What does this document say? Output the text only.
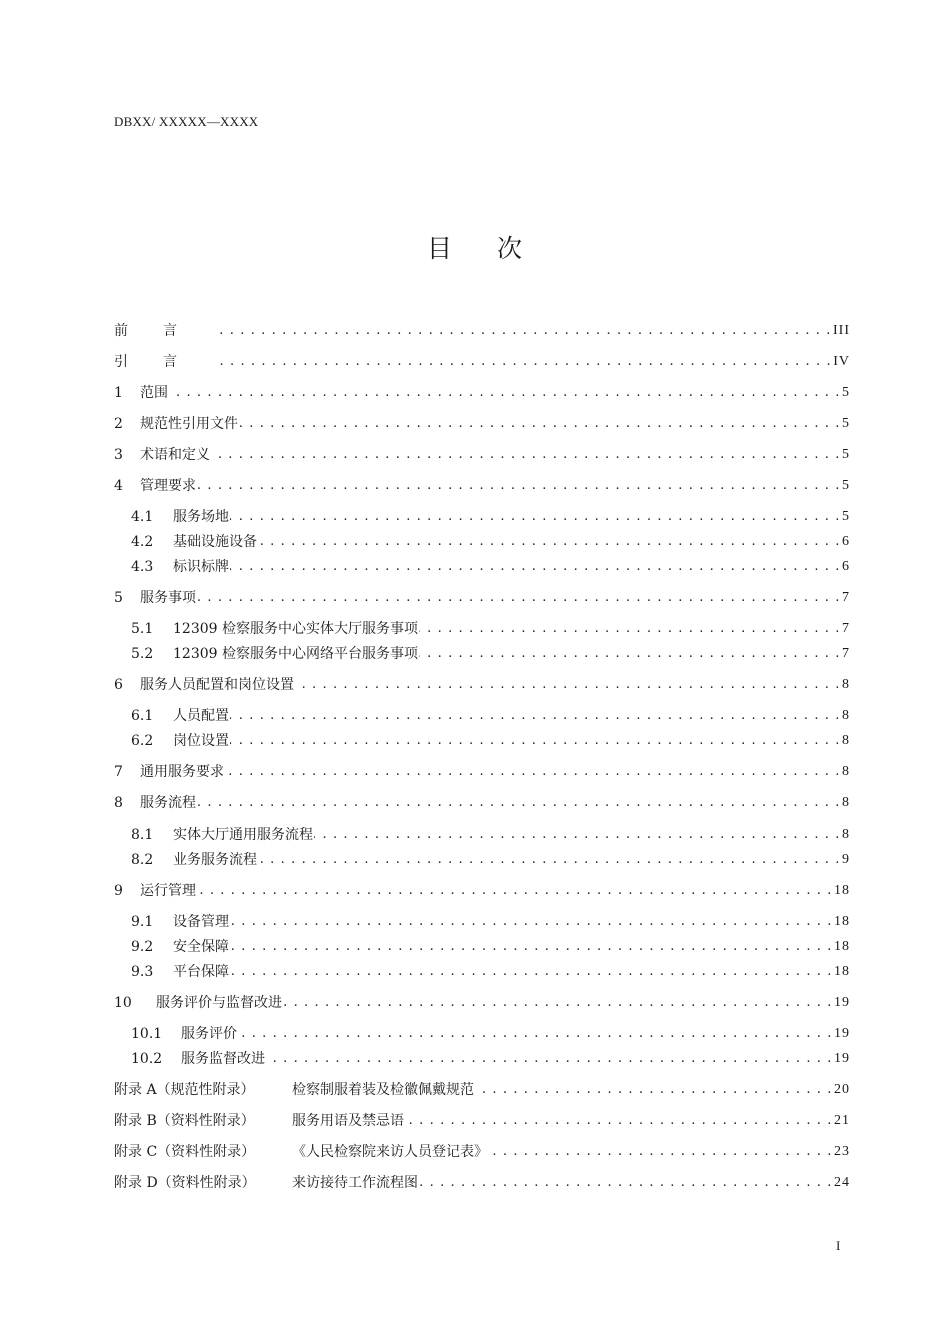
DBXX/ XXXXX—XXXX
目 次
前言 . . .	III
引言 . . .	IV
1	范围 . . .	5
2	规范性引用文件 . . .	5
3	术语和定义 . . .	5
4	管理要求 . . .	5
4.1	服务场地 . . .	5
4.2	基础设施设备 . . .	6
4.3	标识标牌 . . .	6
5	服务事项 . . .	7
5.1	12309 检察服务中心实体大厅服务事项 . . .	7
5.2	12309 检察服务中心网络平台服务事项 . . .	7
6	服务人员配置和岗位设置 . . .	8
6.1	人员配置 . . .	8
6.2	岗位设置 . . .	8
7	通用服务要求 . . .	8
8	服务流程 . . .	8
8.1	实体大厅通用服务流程 . . .	8
8.2	业务服务流程 . . .	9
9	运行管理 . . .	18
9.1	设备管理 . . .	18
9.2	安全保障 . . .	18
9.3	平台保障 . . .	18
10	服务评价与监督改进 . . .	19
10.1	服务评价 . . .	19
10.2	服务监督改进 . . .	19
附录 A（规范性附录）	检察制服着装及检徽佩戴规范 . . .	20
附录 B（资料性附录）	服务用语及禁忌语 . . .	21
附录 C（资料性附录）	《人民检察院来访人员登记表》 . . .	23
附录 D（资料性附录）	来访接待工作流程图 . . .	24
I
